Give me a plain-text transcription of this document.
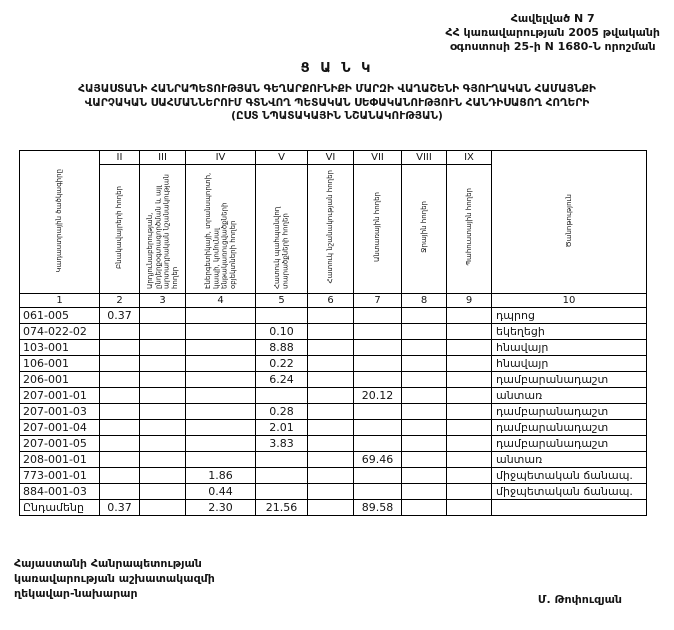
Հավելված N 7
ՀՀ կառավարության 2005 թվականի
օգոստոսի 25-ի N 1680-Ն որոշման
Ց Ա Ն Կ
ՀԱՅԱՍՏԱՆԻ ՀԱՆՐԱՊԵՏՈՒԹՅԱՆ ԳԵՂԱՐՔՈՒՆԻՔԻ ՄԱՐԶԻ ՎԱՂԱՇԵՆԻ ԳՅՈՒՂԱԿԱՆ ՀԱՄԱՅՆՔԻ
ՎԱՐՉԱԿԱՆ ՍԱՀՄԱՆՆԵՐՈՒՄ ԳՏՆՎՈՂ ՊԵՏԱԿԱՆ ՍԵՓԱԿԱՆՈՒԹՅՈՒՆ ՀԱՆԴԻՍԱՑՈՂ ՀՈՂԵՐԻ
(ԸՍՏ ՆՊԱՏԱԿԱՅԻՆ ՆՇԱՆԱԿՈՒԹՅԱՆ)
Կադաստրային ծածկագիրը	II	III	IV	V	VI	VII	VIII	IX	Ծանոթություն
	Բնակավայրերի հողեր	Արդյունաբերության, ընդերքօգտագործման և այլ արտադրական նշանակության հողեր	Էներգետիկայի, տրանսպորտի, կապի, կոմունալ ենթակառուցվածքների օբյեկտների հողեր	Հատուկ պահպանվող տարածքների հողեր	Հատուկ նշանակության հողեր	Անտառային հողեր	Ջրային հողեր	Պահուստային հողեր	
1	2	3	4	5	6	7	8	9	10
061-005	0.37								դպրոց
074-022-02				0.10					եկեղեցի
103-001				8.88					հնավայր
106-001				0.22					հնավայր
206-001				6.24					դամբարանադաշտ
207-001-01						20.12			անտառ
207-001-03				0.28					դամբարանադաշտ
207-001-04				2.01					դամբարանադաշտ
207-001-05				3.83					դամբարանադաշտ
208-001-01						69.46			անտառ
773-001-01			1.86						միջպետական ճանապ.
884-001-03			0.44						միջպետական ճանապ.
Ընդամենը	0.37		2.30	21.56		89.58			
Հայաստանի Հանրապետության
կառավարության աշխատակազմի
ղեկավար-նախարար	Մ. Թոփուզյան
